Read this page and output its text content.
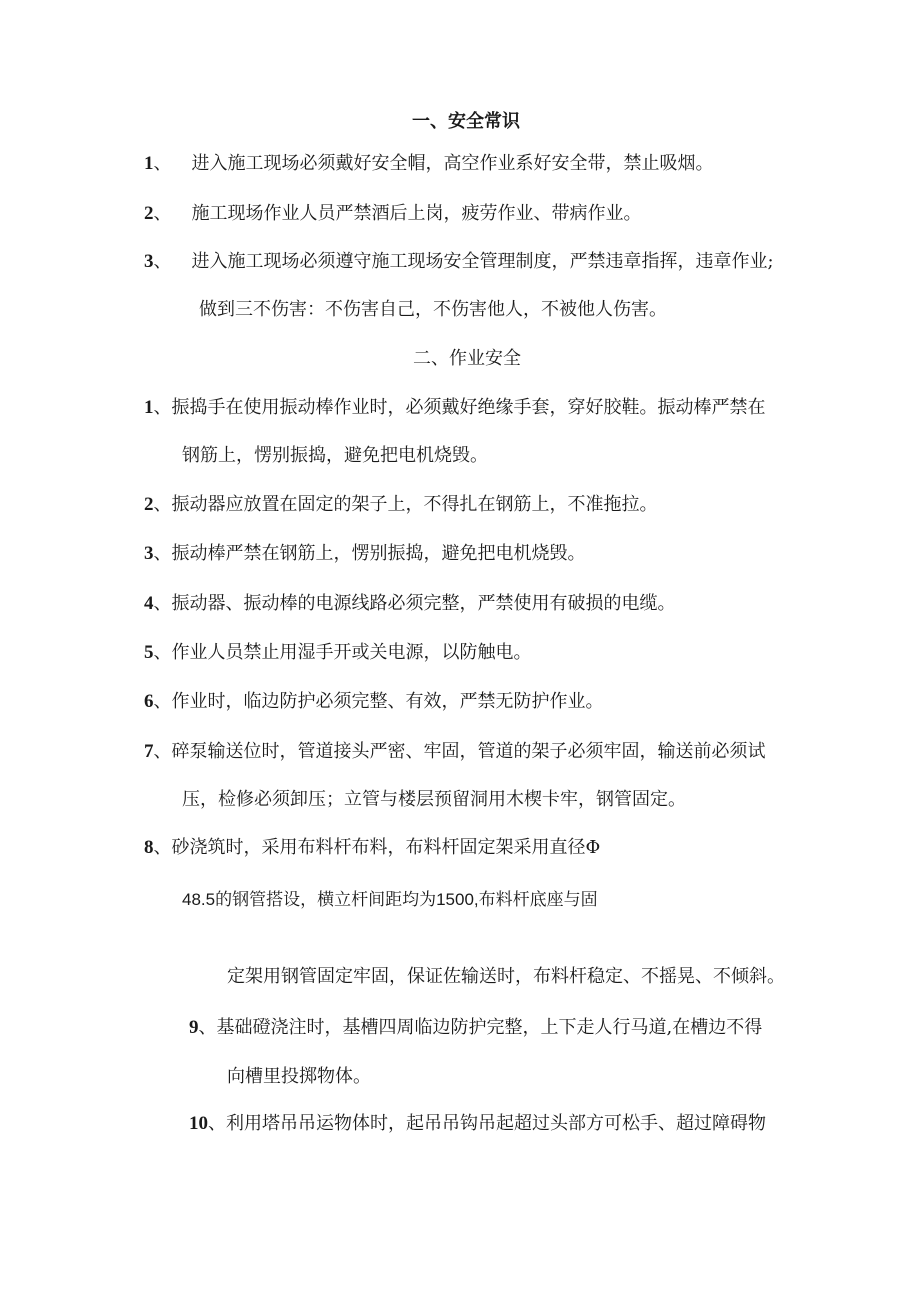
一、安全常识
1、 进入施工现场必须戴好安全帽，高空作业系好安全带，禁止吸烟。
2、 施工现场作业人员严禁酒后上岗，疲劳作业、带病作业。
3、 进入施工现场必须遵守施工现场安全管理制度，严禁违章指挥，违章作业;
做到三不伤害：不伤害自己，不伤害他人，不被他人伤害。
二、作业安全
1、振捣手在使用振动棒作业时，必须戴好绝缘手套，穿好胶鞋。振动棒严禁在
钢筋上，愣别振捣，避免把电机烧毁。
2、振动器应放置在固定的架子上，不得扎在钢筋上，不准拖拉。
3、振动棒严禁在钢筋上，愣别振捣，避免把电机烧毁。
4、振动器、振动棒的电源线路必须完整，严禁使用有破损的电缆。
5、作业人员禁止用湿手开或关电源，以防触电。
6、作业时，临边防护必须完整、有效，严禁无防护作业。
7、碎泵输送位时，管道接头严密、牢固，管道的架子必须牢固，输送前必须试
压，检修必须卸压；立管与楼层预留洞用木楔卡牢，钢管固定。
8、砂浇筑时，采用布料杆布料，布料杆固定架采用直径Φ
48.5的钢管搭设，横立杆间距均为1500,布料杆底座与固
定架用钢管固定牢固，保证佐输送时，布料杆稳定、不摇晃、不倾斜。
9、基础磴浇注时，基槽四周临边防护完整，上下走人行马道,在槽边不得
向槽里投掷物体。
10、利用塔吊吊运物体时，起吊吊钩吊起超过头部方可松手、超过障碍物
